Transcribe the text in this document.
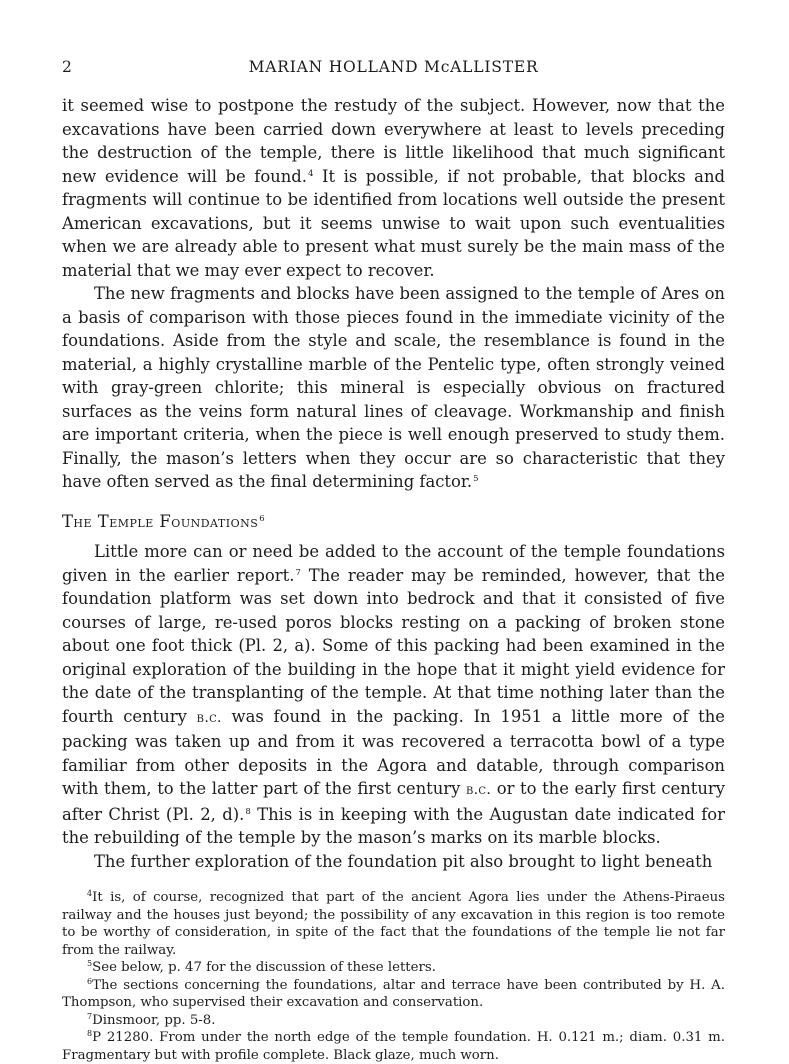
2	MARIAN HOLLAND McALLISTER

it seemed wise to postpone the restudy of the subject. However, now that the excavations have been carried down everywhere at least to levels preceding the destruction of the temple, there is little likelihood that much significant new evidence will be found.$^4$ It is possible, if not probable, that blocks and fragments will continue to be identified from locations well outside the present American excavations, but it seems unwise to wait upon such eventualities when we are already able to present what must surely be the main mass of the material that we may ever expect to recover.

The new fragments and blocks have been assigned to the temple of Ares on a basis of comparison with those pieces found in the immediate vicinity of the foundations. Aside from the style and scale, the resemblance is found in the material, a highly crystalline marble of the Pentelic type, often strongly veined with gray-green chlorite; this mineral is especially obvious on fractured surfaces as the veins form natural lines of cleavage. Workmanship and finish are important criteria, when the piece is well enough preserved to study them. Finally, the mason’s letters when they occur are so characteristic that they have often served as the final determining factor.$^5$

The Temple Foundations$^6$

Little more can or need be added to the account of the temple foundations given in the earlier report.$^7$ The reader may be reminded, however, that the foundation platform was set down into bedrock and that it consisted of five courses of large, re-used poros blocks resting on a packing of broken stone about one foot thick (Pl. 2, a). Some of this packing had been examined in the original exploration of the building in the hope that it might yield evidence for the date of the transplanting of the temple. At that time nothing later than the fourth century b.c. was found in the packing. In 1951 a little more of the packing was taken up and from it was recovered a terracotta bowl of a type familiar from other deposits in the Agora and datable, through comparison with them, to the latter part of the first century b.c. or to the early first century after Christ (Pl. 2, d).$^8$ This is in keeping with the Augustan date indicated for the rebuilding of the temple by the mason’s marks on its marble blocks.

The further exploration of the foundation pit also brought to light beneath

$^4$It is, of course, recognized that part of the ancient Agora lies under the Athens-Piraeus railway and the houses just beyond; the possibility of any excavation in this region is too remote to be worthy of consideration, in spite of the fact that the foundations of the temple lie not far from the railway.

$^5$See below, p. 47 for the discussion of these letters.

$^6$The sections concerning the foundations, altar and terrace have been contributed by H. A. Thompson, who supervised their excavation and conservation.

$^7$Dinsmoor, pp. 5-8.

$^8$P 21280. From under the north edge of the temple foundation. H. 0.121 m.; diam. 0.31 m. Fragmentary but with profile complete. Black glaze, much worn.
